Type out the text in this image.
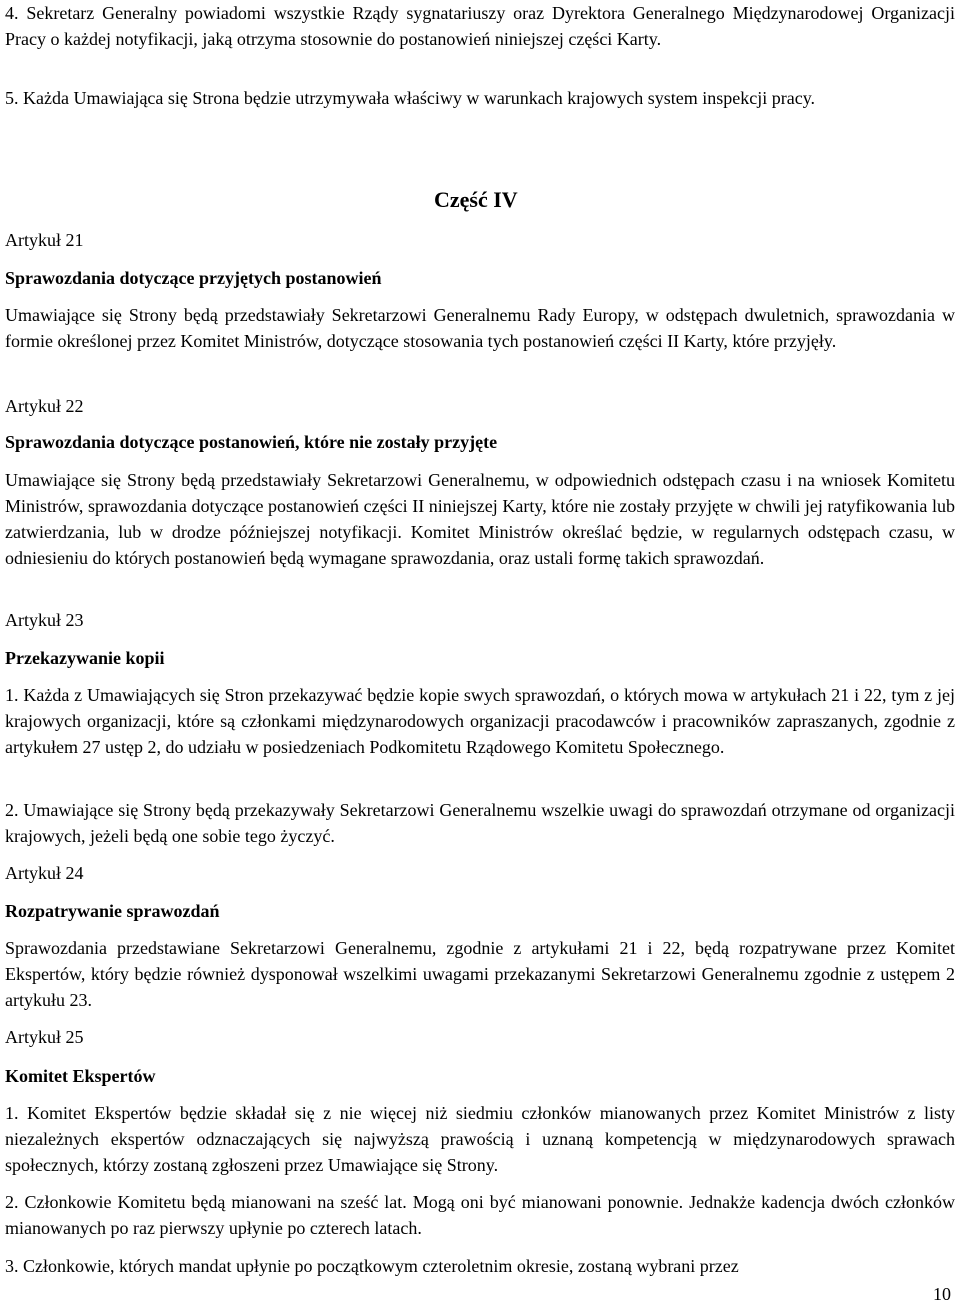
4. Sekretarz Generalny powiadomi wszystkie Rządy sygnatariuszy oraz Dyrektora Generalnego Międzynarodowej Organizacji Pracy o każdej notyfikacji, jaką otrzyma stosownie do postanowień niniejszej części Karty.

5. Każda Umawiająca się Strona będzie utrzymywała właściwy w warunkach krajowych system inspekcji pracy.

Część IV

Artykuł 21

Sprawozdania dotyczące przyjętych postanowień

Umawiające się Strony będą przedstawiały Sekretarzowi Generalnemu Rady Europy, w odstępach dwuletnich, sprawozdania w formie określonej przez Komitet Ministrów, dotyczące stosowania tych postanowień części II Karty, które przyjęły.

Artykuł 22

Sprawozdania dotyczące postanowień, które nie zostały przyjęte

Umawiające się Strony będą przedstawiały Sekretarzowi Generalnemu, w odpowiednich odstępach czasu i na wniosek Komitetu Ministrów, sprawozdania dotyczące postanowień części II niniejszej Karty, które nie zostały przyjęte w chwili jej ratyfikowania lub zatwierdzania, lub w drodze późniejszej notyfikacji. Komitet Ministrów określać będzie, w regularnych odstępach czasu, w odniesieniu do których postanowień będą wymagane sprawozdania, oraz ustali formę takich sprawozdań.

Artykuł 23

Przekazywanie kopii

1. Każda z Umawiających się Stron przekazywać będzie kopie swych sprawozdań, o których mowa w artykułach 21 i 22, tym z jej krajowych organizacji, które są członkami międzynarodowych organizacji pracodawców i pracowników zapraszanych, zgodnie z artykułem 27 ustęp 2, do udziału w posiedzeniach Podkomitetu Rządowego Komitetu Społecznego.

2. Umawiające się Strony będą przekazywały Sekretarzowi Generalnemu wszelkie uwagi do sprawozdań otrzymane od organizacji krajowych, jeżeli będą one sobie tego życzyć.

Artykuł 24

Rozpatrywanie sprawozdań

Sprawozdania przedstawiane Sekretarzowi Generalnemu, zgodnie z artykułami 21 i 22, będą rozpatrywane przez Komitet Ekspertów, który będzie również dysponował wszelkimi uwagami przekazanymi Sekretarzowi Generalnemu zgodnie z ustępem 2 artykułu 23.

Artykuł 25

Komitet Ekspertów

1. Komitet Ekspertów będzie składał się z nie więcej niż siedmiu członków mianowanych przez Komitet Ministrów z listy niezależnych ekspertów odznaczających się najwyższą prawością i uznaną kompetencją w międzynarodowych sprawach społecznych, którzy zostaną zgłoszeni przez Umawiające się Strony.

2. Członkowie Komitetu będą mianowani na sześć lat. Mogą oni być mianowani ponownie. Jednakże kadencja dwóch członków mianowanych po raz pierwszy upłynie po czterech latach.

3. Członkowie, których mandat upłynie po początkowym czteroletnim okresie, zostaną wybrani przez

10
